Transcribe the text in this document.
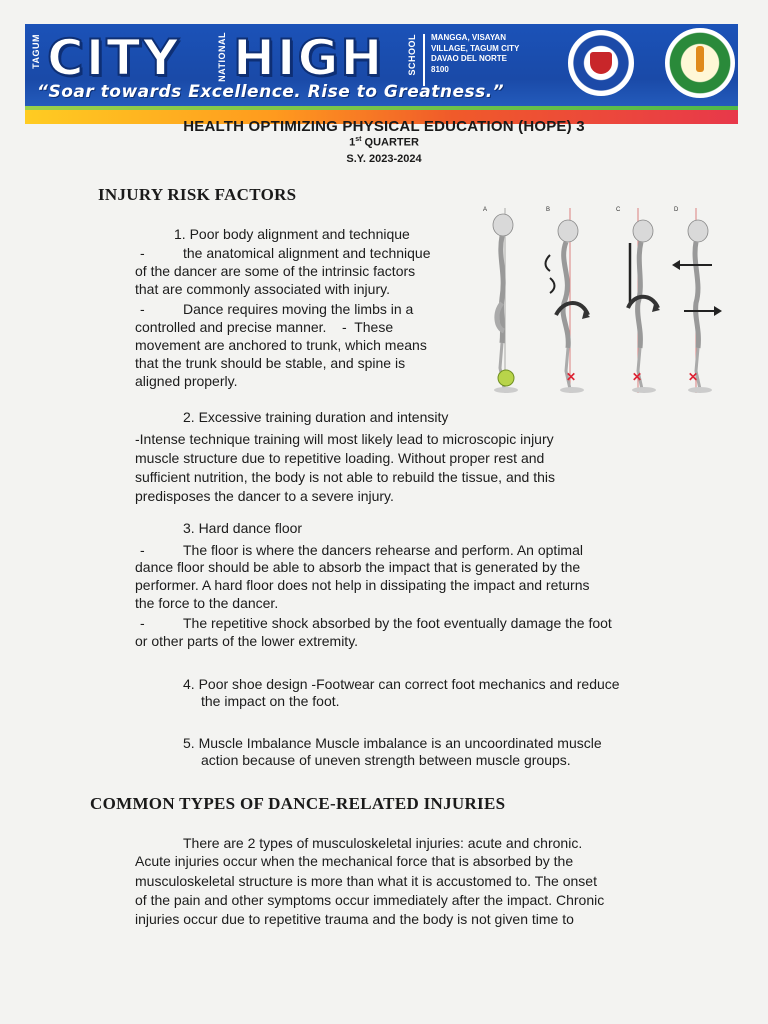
TAGUM CITY	NATIONAL HIGH	SCHOOL MANGGA, VISAYAN
VILLAGE, TAGUM CITY
DAVAO DEL NORTE
8100
“Soar towards Excellence. Rise to Greatness.”
HEALTH OPTIMIZING PHYSICAL EDUCATION (HOPE) 3
1st QUARTER
S.Y. 2023-2024
INJURY RISK FACTORS
1. Poor body alignment and technique
-	the anatomical alignment and technique
of the dancer are some of the intrinsic factors
that are commonly associated with injury.
-	Dance requires moving the limbs in a
controlled and precise manner.    -  These
movement are anchored to trunk, which means
that the trunk should be stable, and spine is
aligned properly.
A	B	C	D
✕	✕	✕
2. Excessive training duration and intensity
-Intense technique training will most likely lead to microscopic injury
muscle structure due to repetitive loading. Without proper rest and
sufficient nutrition, the body is not able to rebuild the tissue, and this
predisposes the dancer to a severe injury.
3. Hard dance floor
-	The floor is where the dancers rehearse and perform. An optimal
dance floor should be able to absorb the impact that is generated by the
performer. A hard floor does not help in dissipating the impact and returns
the force to the dancer.
-	The repetitive shock absorbed by the foot eventually damage the foot
or other parts of the lower extremity.
4. Poor shoe design -Footwear can correct foot mechanics and reduce
the impact on the foot.
5. Muscle Imbalance Muscle imbalance is an uncoordinated muscle
action because of uneven strength between muscle groups.
COMMON TYPES OF DANCE-RELATED INJURIES
There are 2 types of musculoskeletal injuries: acute and chronic.
Acute injuries occur when the mechanical force that is absorbed by the
musculoskeletal structure is more than what it is accustomed to. The onset
of the pain and other symptoms occur immediately after the impact. Chronic
injuries occur due to repetitive trauma and the body is not given time to
